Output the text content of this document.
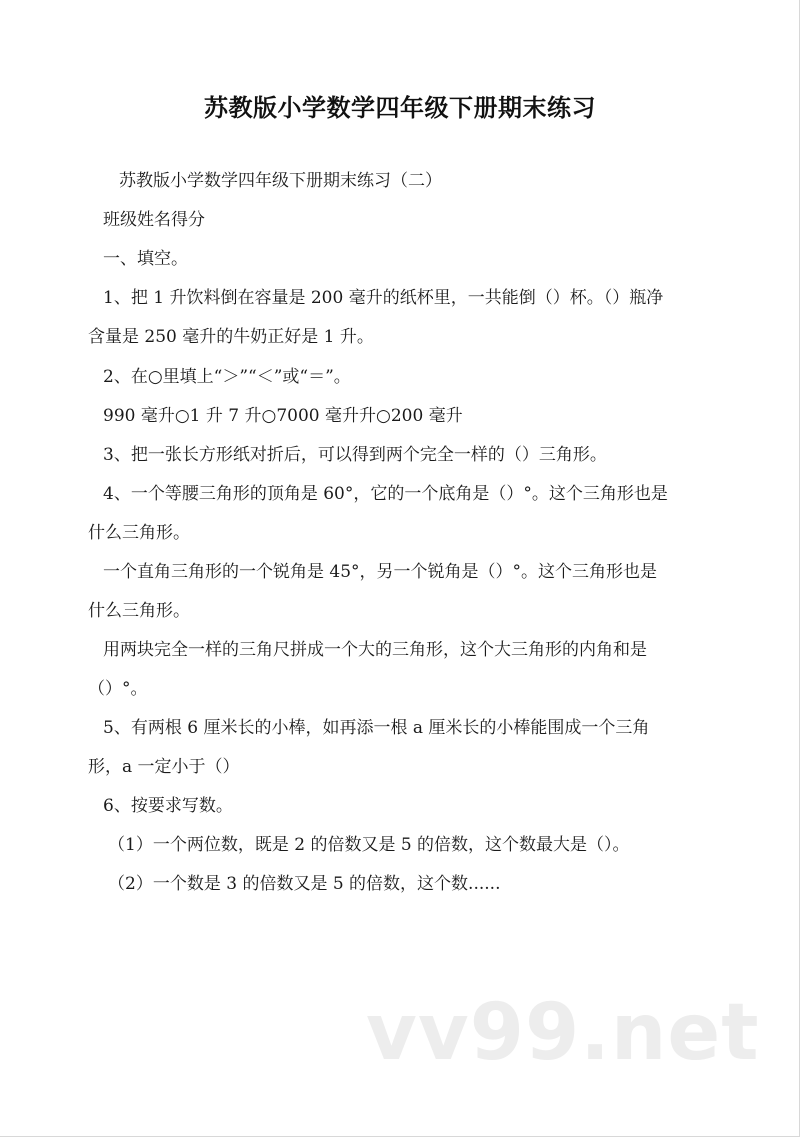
苏教版小学数学四年级下册期末练习
苏教版小学数学四年级下册期末练习（二）
班级姓名得分
一、填空。
1、把 1 升饮料倒在容量是 200 毫升的纸杯里，一共能倒（）杯。（）瓶净
含量是 250 毫升的牛奶正好是 1 升。
2、在○里填上“＞”“＜”或“＝”。
990 毫升○1 升 7 升○7000 毫升升○200 毫升
3、把一张长方形纸对折后，可以得到两个完全一样的（）三角形。
4、一个等腰三角形的顶角是 60°，它的一个底角是（）°。这个三角形也是
什么三角形。
一个直角三角形的一个锐角是 45°，另一个锐角是（）°。这个三角形也是
什么三角形。
用两块完全一样的三角尺拼成一个大的三角形，这个大三角形的内角和是
（）°。
5、有两根 6 厘米长的小棒，如再添一根 a 厘米长的小棒能围成一个三角
形，a 一定小于（）
6、按要求写数。
（1）一个两位数，既是 2 的倍数又是 5 的倍数，这个数最大是（）。
（2）一个数是 3 的倍数又是 5 的倍数，这个数......
vv99.net
